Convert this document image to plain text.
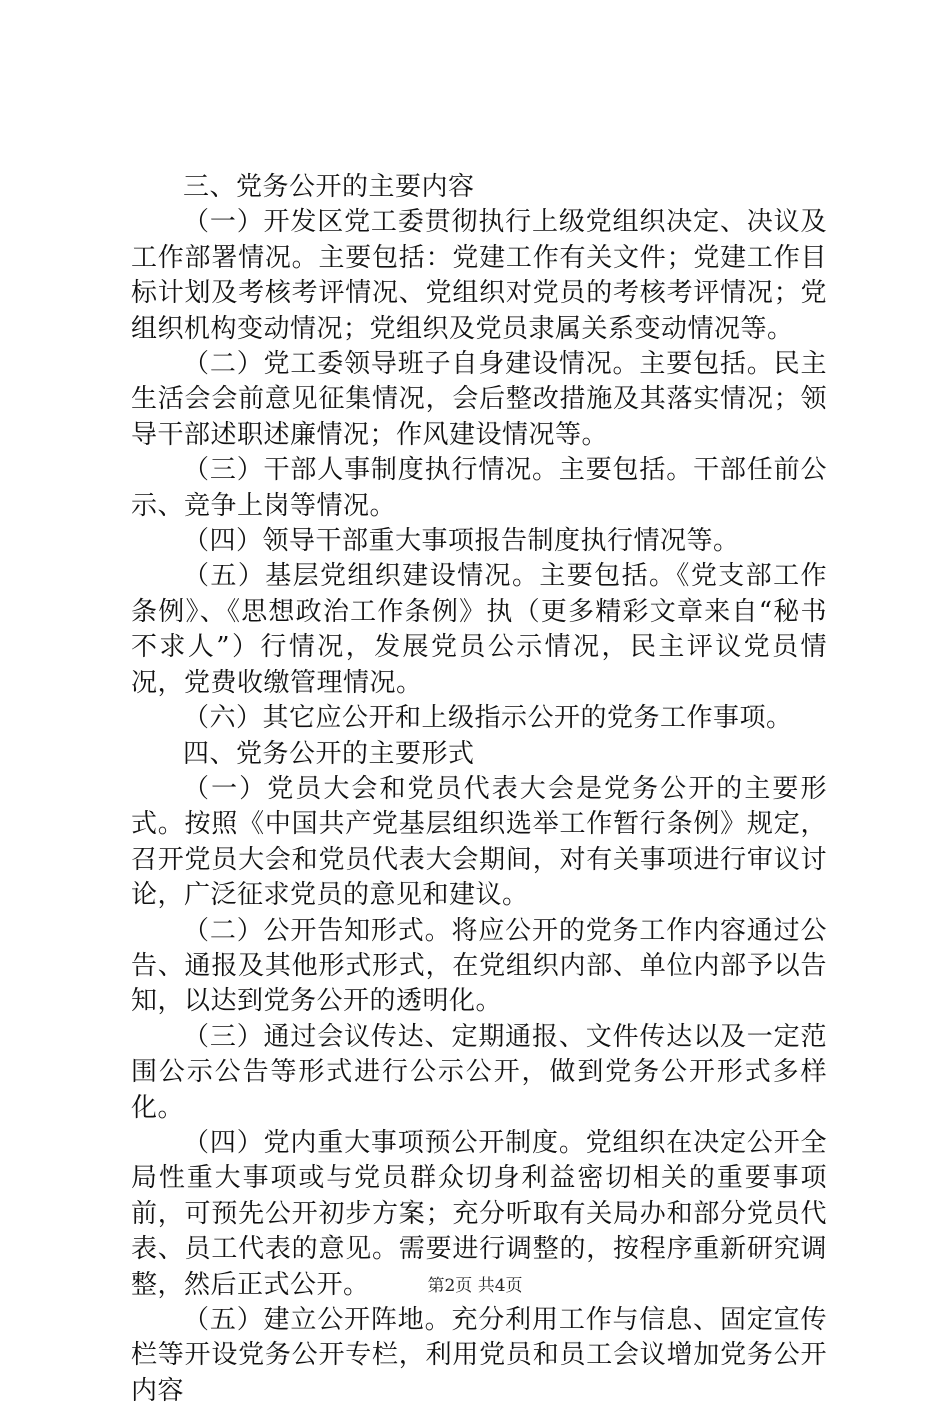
三、党务公开的主要内容

（一）开发区党工委贯彻执行上级党组织决定、决议及工作部署情况。主要包括：党建工作有关文件；党建工作目标计划及考核考评情况、党组织对党员的考核考评情况；党组织机构变动情况；党组织及党员隶属关系变动情况等。

（二）党工委领导班子自身建设情况。主要包括。民主生活会会前意见征集情况，会后整改措施及其落实情况；领导干部述职述廉情况；作风建设情况等。

（三）干部人事制度执行情况。主要包括。干部任前公示、竞争上岗等情况。

（四）领导干部重大事项报告制度执行情况等。

（五）基层党组织建设情况。主要包括。《党支部工作条例》、《思想政治工作条例》执（更多精彩文章来自“秘书不求人”）行情况，发展党员公示情况，民主评议党员情况，党费收缴管理情况。

（六）其它应公开和上级指示公开的党务工作事项。

四、党务公开的主要形式

（一）党员大会和党员代表大会是党务公开的主要形式。按照《中国共产党基层组织选举工作暂行条例》规定，召开党员大会和党员代表大会期间，对有关事项进行审议讨论，广泛征求党员的意见和建议。

（二）公开告知形式。将应公开的党务工作内容通过公告、通报及其他形式形式，在党组织内部、单位内部予以告知，以达到党务公开的透明化。

（三）通过会议传达、定期通报、文件传达以及一定范围公示公告等形式进行公示公开，做到党务公开形式多样化。

（四）党内重大事项预公开制度。党组织在决定公开全局性重大事项或与党员群众切身利益密切相关的重要事项前，可预先公开初步方案；充分听取有关局办和部分党员代表、员工代表的意见。需要进行调整的，按程序重新研究调整，然后正式公开。

（五）建立公开阵地。充分利用工作与信息、固定宣传栏等开设党务公开专栏，利用党员和员工会议增加党务公开内容

第2页 共4页
